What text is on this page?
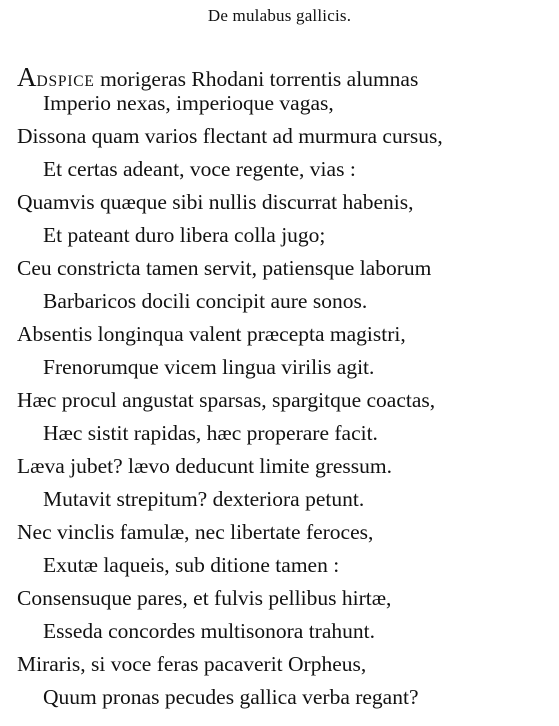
De mulabus gallicis.
ADSPICE morigeras Rhodani torrentis alumnas
Imperio nexas, imperioque vagas,
Dissona quam varios flectant ad murmura cursus,
Et certas adeant, voce regente, vias :
Quamvis quæque sibi nullis discurrat habenis,
Et pateant duro libera colla jugo;
Ceu constricta tamen servit, patiensque laborum
Barbaricos docili concipit aure sonos.
Absentis longinqua valent præcepta magistri,
Frenorumque vicem lingua virilis agit.
Hæc procul angustat sparsas, spargitque coactas,
Hæc sistit rapidas, hæc properare facit.
Læva jubet? lævo deducunt limite gressum.
Mutavit strepitum? dexteriora petunt.
Nec vinclis famulæ, nec libertate feroces,
Exutæ laqueis, sub ditione tamen :
Consensuque pares, et fulvis pellibus hirtæ,
Esseda concordes multisonora trahunt.
Miraris, si voce feras pacaverit Orpheus,
Quum pronas pecudes gallica verba regant?
